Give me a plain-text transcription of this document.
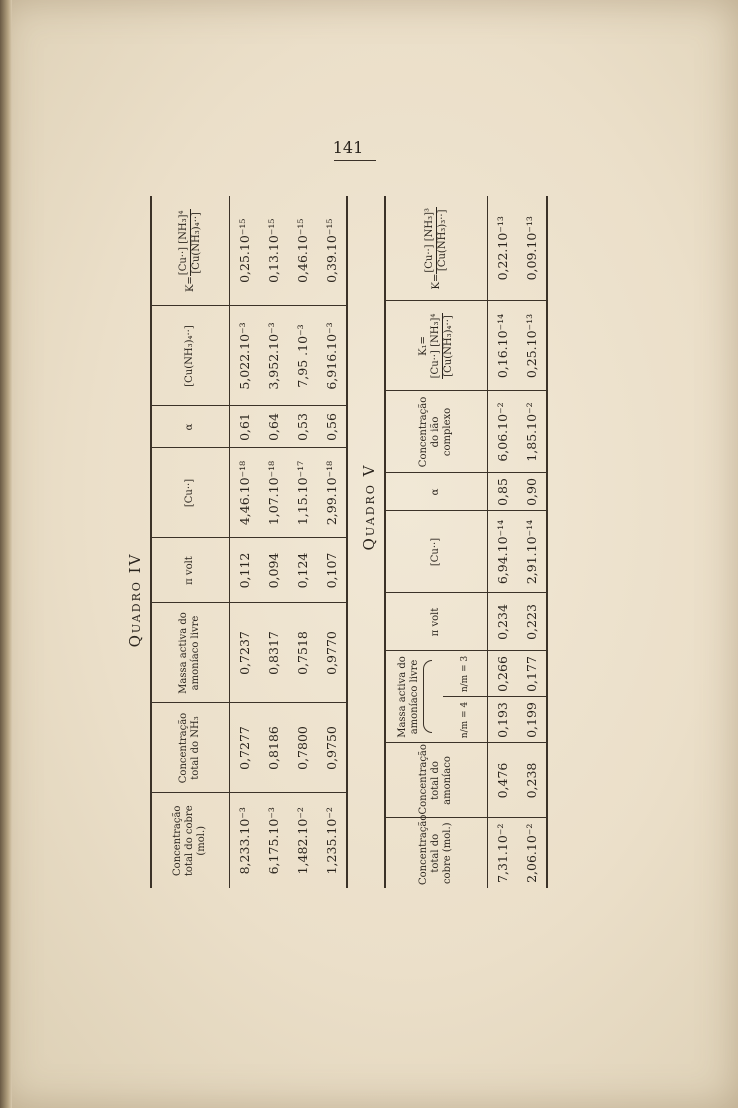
141
Quadro IV
Concentração total do cobre (mol.)	Concentração total do NH₃	Massa activa do amoníaco livre	π volt	[Cu··]	α	[Cu(NH₃)₄··]	K=
[Cu··] [NH₃]⁴ [Cu(NH₃)₄··]

8,233.10⁻³	0,7277	0,7237	0,112	4,46.10⁻¹⁸	0,61	5,022.10⁻³	0,25.10⁻¹⁵
6,175.10⁻³	0,8186	0,8317	0,094	1,07.10⁻¹⁸	0,64	3,952.10⁻³	0,13.10⁻¹⁵
1,482.10⁻²	0,7800	0,7518	0,124	1,15.10⁻¹⁷	0,53	7,95 .10⁻³	0,46.10⁻¹⁵
1,235.10⁻²	0,9750	0,9770	0,107	2,99.10⁻¹⁸	0,56	6,916.10⁻³	0,39.10⁻¹⁵
Quadro V
Concentração total do cobre (mol.)	Concentração total do amoníaco	Massa activa do amoníaco livre		π volt	[Cu··]	α	Concentração do ião complexo	K₁= [Cu··] [NH₃]⁴ [Cu(NH₃)₄··]	K=
[Cu··] [NH₃]³ [Cu(NH₃)₃··]

		n/m = 4	n/m = 3						
7,31.10⁻²	0,476	0,193	0,266	0,234	6,94.10⁻¹⁴	0,85	6,06.10⁻²	0,16.10⁻¹⁴	0,22.10⁻¹³
2,06.10⁻²	0,238	0,199	0,177	0,223	2,91.10⁻¹⁴	0,90	1,85.10⁻²	0,25.10⁻¹³	0,09.10⁻¹³
